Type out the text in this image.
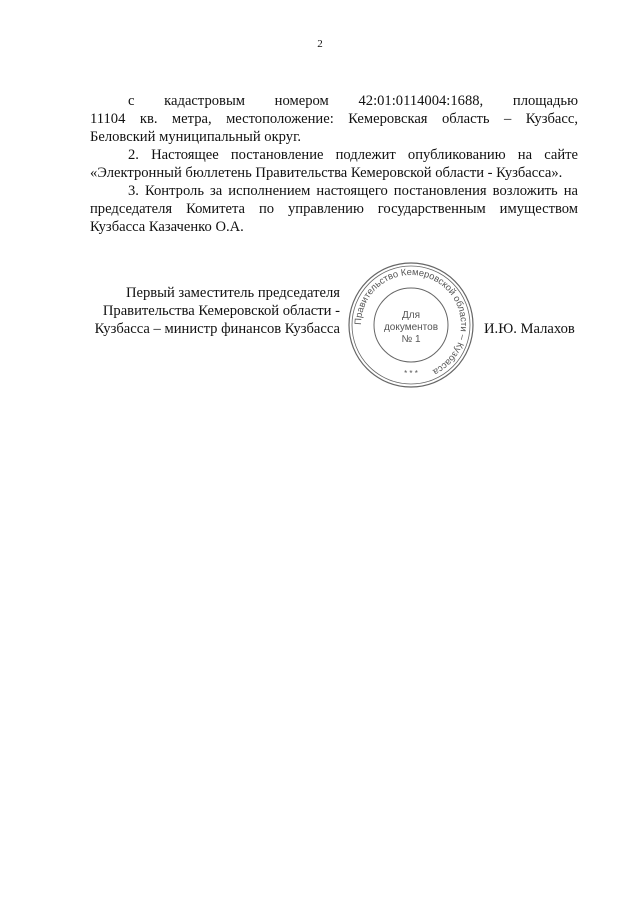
2

с кадастровым номером 42:01:0114004:1688, площадью
11104 кв. метра, местоположение: Кемеровская область – Кузбасс,
Беловский муниципальный округ.

2. Настоящее постановление подлежит опубликованию на сайте
«Электронный бюллетень Правительства Кемеровской области - Кузбасса».

3. Контроль за исполнением настоящего постановления возложить на
председателя Комитета по управлению государственным имуществом
Кузбасса Казаченко О.А.

Первый заместитель председателя
Правительства Кемеровской области -
Кузбасса – министр финансов Кузбасса Правительство Кемеровской области – Кузбасса
* * *
Для
документов
№ 1
И.Ю. Малахов
